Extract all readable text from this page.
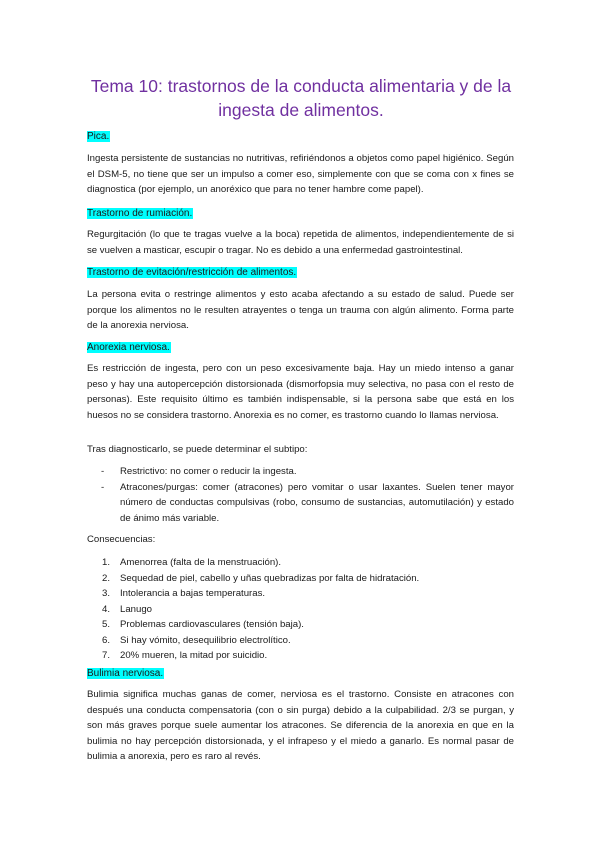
Tema 10: trastornos de la conducta alimentaria y de la ingesta de alimentos.
Pica.

Ingesta persistente de sustancias no nutritivas, refiriéndonos a objetos como papel higiénico. Según el DSM-5, no tiene que ser un impulso a comer eso, simplemente con que se coma con x fines se diagnostica (por ejemplo, un anoréxico que para no tener hambre come papel).

Trastorno de rumiación.

Regurgitación (lo que te tragas vuelve a la boca) repetida de alimentos, independientemente de si se vuelven a masticar, escupir o tragar. No es debido a una enfermedad gastrointestinal.

Trastorno de evitación/restricción de alimentos.

La persona evita o restringe alimentos y esto acaba afectando a su estado de salud. Puede ser porque los alimentos no le resulten atrayentes o tenga un trauma con algún alimento. Forma parte de la anorexia nerviosa.

Anorexia nerviosa.

Es restricción de ingesta, pero con un peso excesivamente baja. Hay un miedo intenso a ganar peso y hay una autopercepción distorsionada (dismorfopsia muy selectiva, no pasa con el resto de personas). Este requisito último es también indispensable, si la persona sabe que está en los huesos no se considera trastorno. Anorexia es no comer, es trastorno cuando lo llamas nerviosa.

Tras diagnosticarlo, se puede determinar el subtipo:

- Restrictivo: no comer o reducir la ingesta.
- Atracones/purgas: comer (atracones) pero vomitar o usar laxantes. Suelen tener mayor número de conductas compulsivas (robo, consumo de sustancias, automutilación) y estado de ánimo más variable.

Consecuencias:

1. Amenorrea (falta de la menstruación).
2. Sequedad de piel, cabello y uñas quebradizas por falta de hidratación.
3. Intolerancia a bajas temperaturas.
4. Lanugo
5. Problemas cardiovasculares (tensión baja).
6. Si hay vómito, desequilibrio electrolítico.
7. 20% mueren, la mitad por suicidio.
Bulimia nerviosa.

Bulimia significa muchas ganas de comer, nerviosa es el trastorno. Consiste en atracones con después una conducta compensatoria (con o sin purga) debido a la culpabilidad. 2/3 se purgan, y son más graves porque suele aumentar los atracones. Se diferencia de la anorexia en que en la bulimia no hay percepción distorsionada, y el infrapeso y el miedo a ganarlo. Es normal pasar de bulimia a anorexia, pero es raro al revés.
